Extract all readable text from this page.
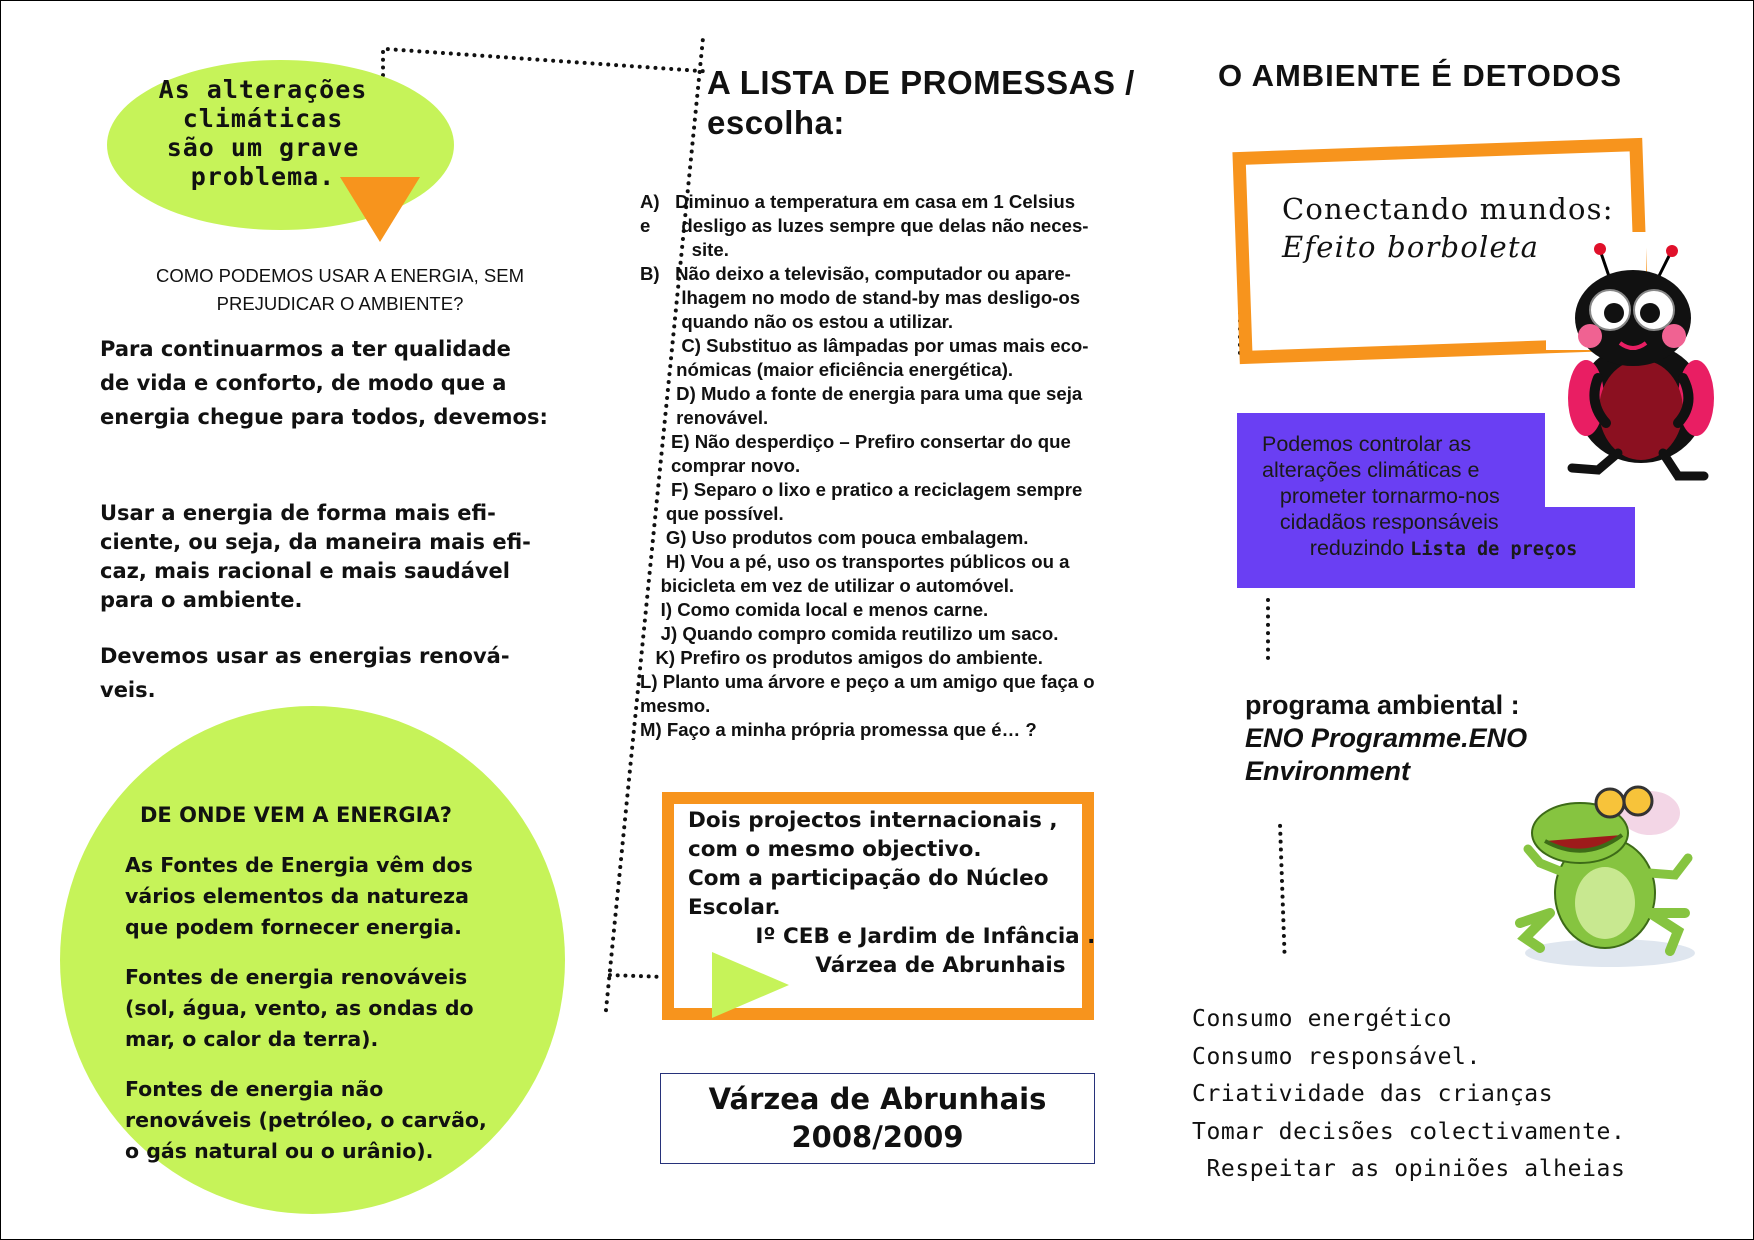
As alterações
climáticas
são um grave
problema.
COMO PODEMOS USAR A ENERGIA, SEM
PREJUDICAR O AMBIENTE?
Para continuarmos a ter qualidade
de vida e conforto, de modo que a
energia chegue para todos, devemos:
Usar a energia de forma mais efi-
ciente, ou seja, da maneira mais efi-
caz, mais racional e mais saudável
para o ambiente.
Devemos usar as energias renová-
veis.
DE ONDE VEM A ENERGIA?
As Fontes de Energia vêm dos
vários elementos da natureza
que podem fornecer energia.
Fontes de energia renováveis
(sol, água, vento, as ondas do
mar, o calor da terra).
Fontes de energia não
renováveis (petróleo, o carvão,
o gás natural ou o urânio).
A LISTA DE PROMESSAS /
escolha:
A)   Diminuo a temperatura em casa em 1 Celsius
e      desligo as luzes sempre que delas não neces-
site.
B)   Não deixo a televisão, computador ou apare-
lhagem no modo de stand-by mas desligo-os
quando não os estou a utilizar.
C) Substituo as lâmpadas por umas mais eco-
nómicas (maior eficiência energética).
D) Mudo a fonte de energia para uma que seja
renovável.
E) Não desperdiço – Prefiro consertar do que
comprar novo.
F) Separo o lixo e pratico a reciclagem sempre
que possível.
G) Uso produtos com pouca embalagem.
H) Vou a pé, uso os transportes públicos ou a
bicicleta em vez de utilizar o automóvel.
I) Como comida local e menos carne.
J) Quando compro comida reutilizo um saco.
K) Prefiro os produtos amigos do ambiente.
L) Planto uma árvore e peço a um amigo que faça o
mesmo.
M) Faço a minha própria promessa que é… ?
Dois projectos internacionais ,
com o mesmo objectivo.
Com a participação do Núcleo
Escolar.
Iº CEB e Jardim de Infância .
Várzea de Abrunhais
Várzea de Abrunhais
2008/2009
O AMBIENTE É DETODOS
Conectando mundos:
Efeito borboleta
Podemos controlar as
alterações climáticas e
prometer tornarmo-nos
cidadãos responsáveis
reduzindo Lista de preços
programa ambiental :
ENO Programme.ENO
Environment
Consumo energético
Consumo responsável.
Criatividade das crianças
Tomar decisões colectivamente.
Respeitar as opiniões alheias
